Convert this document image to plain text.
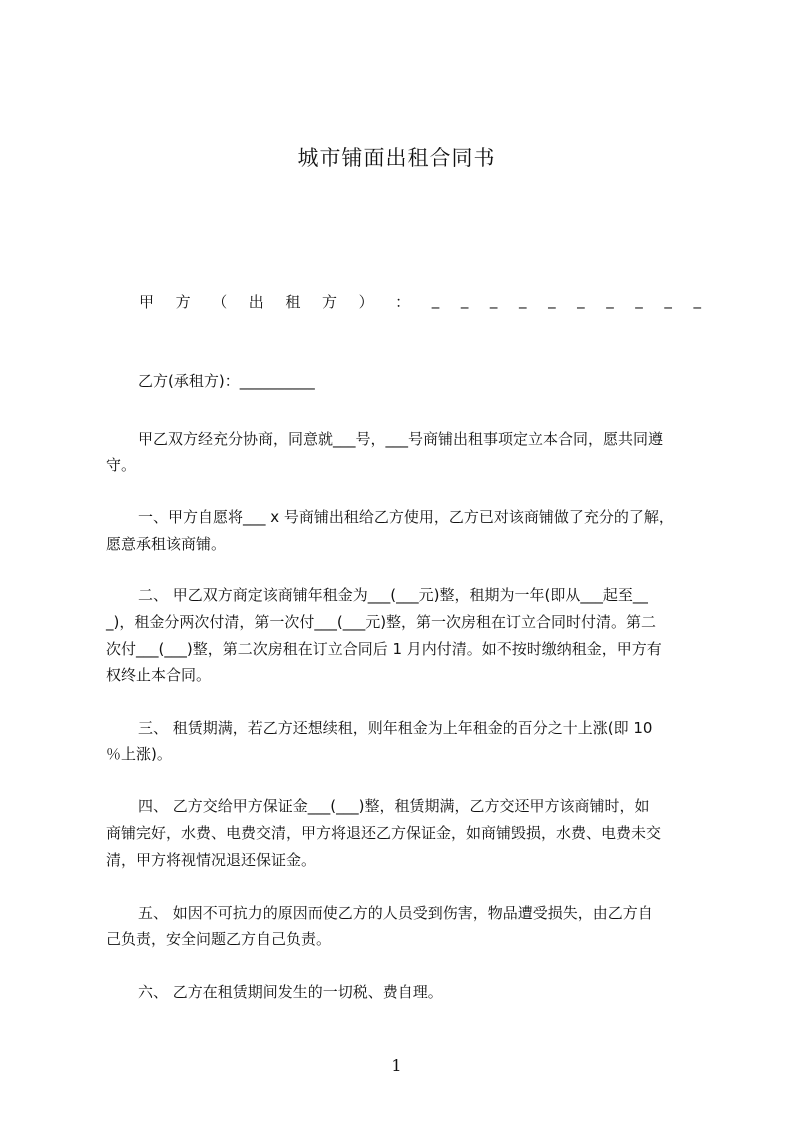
城市铺面出租合同书
甲 方 （ 出 租 方 ） ： _ _ _ _ _ _ _ _ _ _

乙方(承租方)：__________

甲乙双方经充分协商，同意就___号，___号商铺出租事项定立本合同，愿共同遵

守。

一、甲方自愿将___ x 号商铺出租给乙方使用，乙方已对该商铺做了充分的了解，

愿意承租该商铺。

二、 甲乙双方商定该商铺年租金为___(___元)整，租期为一年(即从___起至__

_)，租金分两次付清，第一次付___(___元)整，第一次房租在订立合同时付清。第二

次付___(___)整，第二次房租在订立合同后 1 月内付清。如不按时缴纳租金，甲方有

权终止本合同。

三、 租赁期满，若乙方还想续租，则年租金为上年租金的百分之十上涨(即 10

％上涨)。

四、 乙方交给甲方保证金___(___)整，租赁期满，乙方交还甲方该商铺时，如

商铺完好，水费、电费交清，甲方将退还乙方保证金，如商铺毁损，水费、电费未交

清，甲方将视情况退还保证金。

五、 如因不可抗力的原因而使乙方的人员受到伤害，物品遭受损失，由乙方自

己负责，安全问题乙方自己负责。

六、 乙方在租赁期间发生的一切税、费自理。

1
